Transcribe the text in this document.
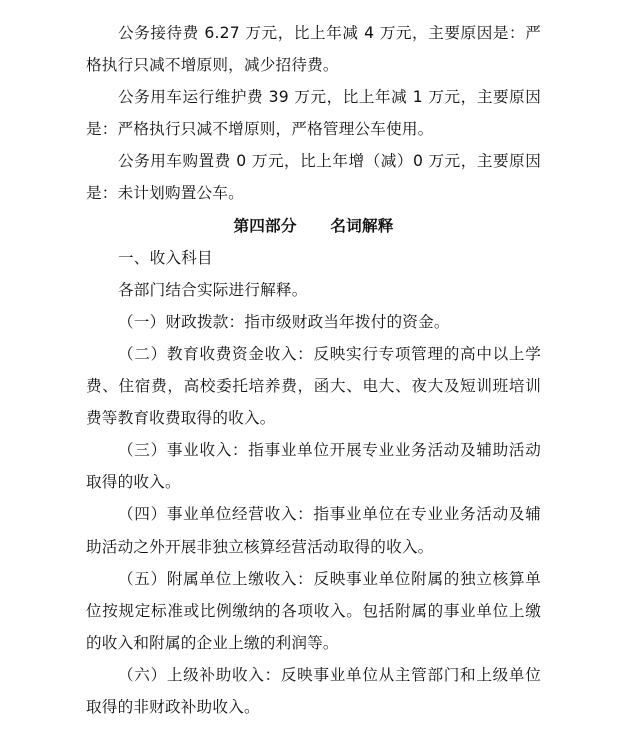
公务接待费 6.27 万元，比上年减 4 万元，主要原因是：严格执行只减不增原则，减少招待费。

公务用车运行维护费 39 万元，比上年减 1 万元，主要原因是：严格执行只减不增原则，严格管理公车使用。

公务用车购置费 0 万元，比上年增（减）0 万元，主要原因是：未计划购置公车。

第四部分      名词解释

一、收入科目

各部门结合实际进行解释。

（一）财政拨款：指市级财政当年拨付的资金。

（二）教育收费资金收入：反映实行专项管理的高中以上学费、住宿费，高校委托培养费，函大、电大、夜大及短训班培训费等教育收费取得的收入。

（三）事业收入：指事业单位开展专业业务活动及辅助活动取得的收入。

（四）事业单位经营收入：指事业单位在专业业务活动及辅助活动之外开展非独立核算经营活动取得的收入。

（五）附属单位上缴收入：反映事业单位附属的独立核算单位按规定标准或比例缴纳的各项收入。包括附属的事业单位上缴的收入和附属的企业上缴的利润等。

（六）上级补助收入：反映事业单位从主管部门和上级单位取得的非财政补助收入。
